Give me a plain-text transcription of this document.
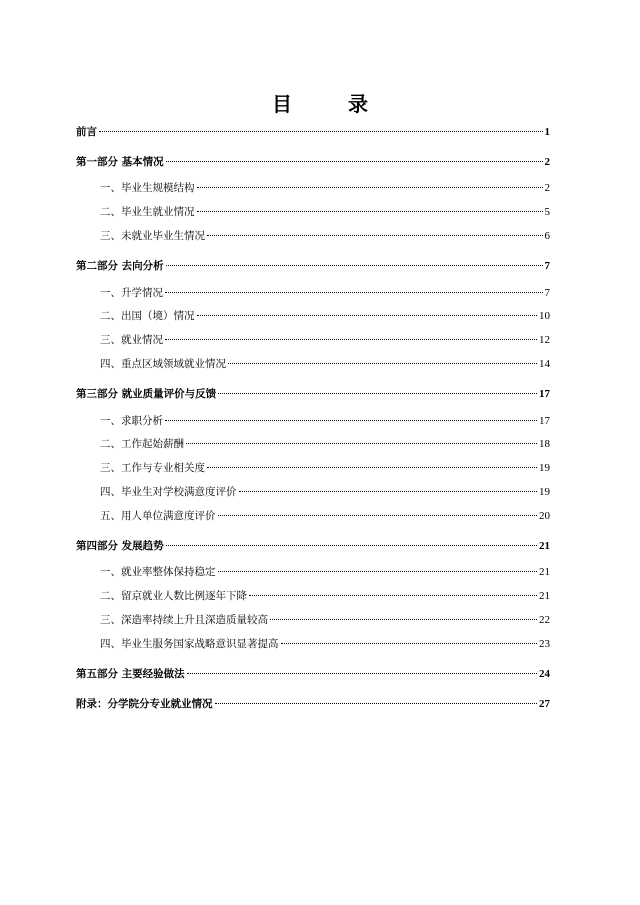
目　录
前言	1
第一部分 基本情况	2
一、毕业生规模结构	2
二、毕业生就业情况	5
三、未就业毕业生情况	6
第二部分 去向分析	7
一、升学情况	7
二、出国（境）情况	10
三、就业情况	12
四、重点区域领域就业情况	14
第三部分 就业质量评价与反馈	17
一、求职分析	17
二、工作起始薪酬	18
三、工作与专业相关度	19
四、毕业生对学校满意度评价	19
五、用人单位满意度评价	20
第四部分 发展趋势	21
一、就业率整体保持稳定	21
二、留京就业人数比例逐年下降	21
三、深造率持续上升且深造质量较高	22
四、毕业生服务国家战略意识显著提高	23
第五部分 主要经验做法	24
附录：分学院分专业就业情况	27
